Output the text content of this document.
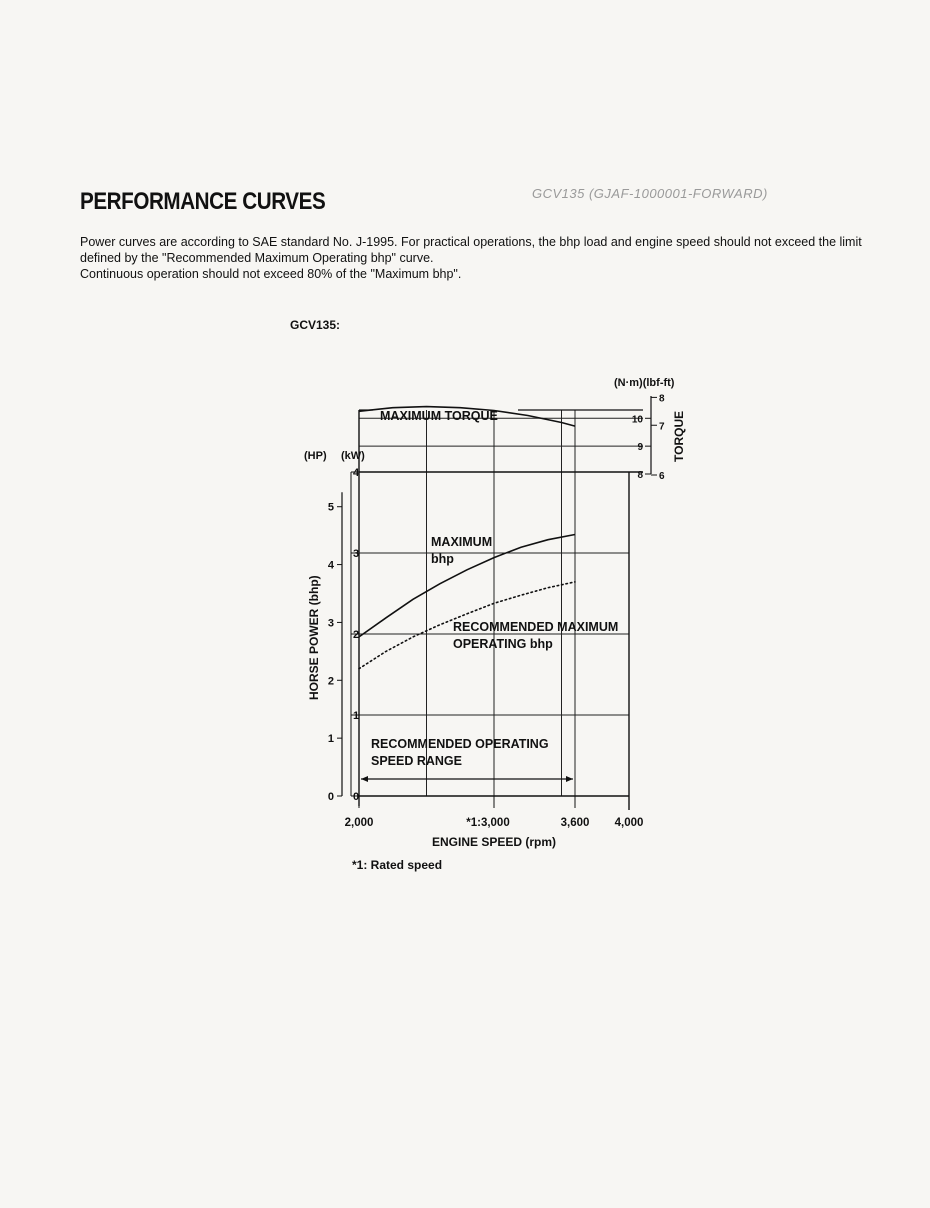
PERFORMANCE CURVES	GCV135 (GJAF-1000001-FORWARD)

Power curves are according to SAE standard No. J-1995. For practical operations, the bhp load and engine speed should not exceed the limit defined by the "Recommended Maximum Operating bhp" curve.

Continuous operation should not exceed 80% of the "Maximum bhp".

GCV135:
0
1
2
3
4
5
0
1
2
3
4
(HP) (kW)
HORSE POWER (bhp)
2,000	*1:3,000	3,600 4,000
ENGINE SPEED (rpm)
*1: Rated speed
8
9
10
6
7
8
(N·m)(lbf-ft)
TORQUE
MAXIMUM TORQUE
MAXIMUM
bhp
RECOMMENDED MAXIMUM
OPERATING bhp
RECOMMENDED OPERATING
SPEED RANGE
